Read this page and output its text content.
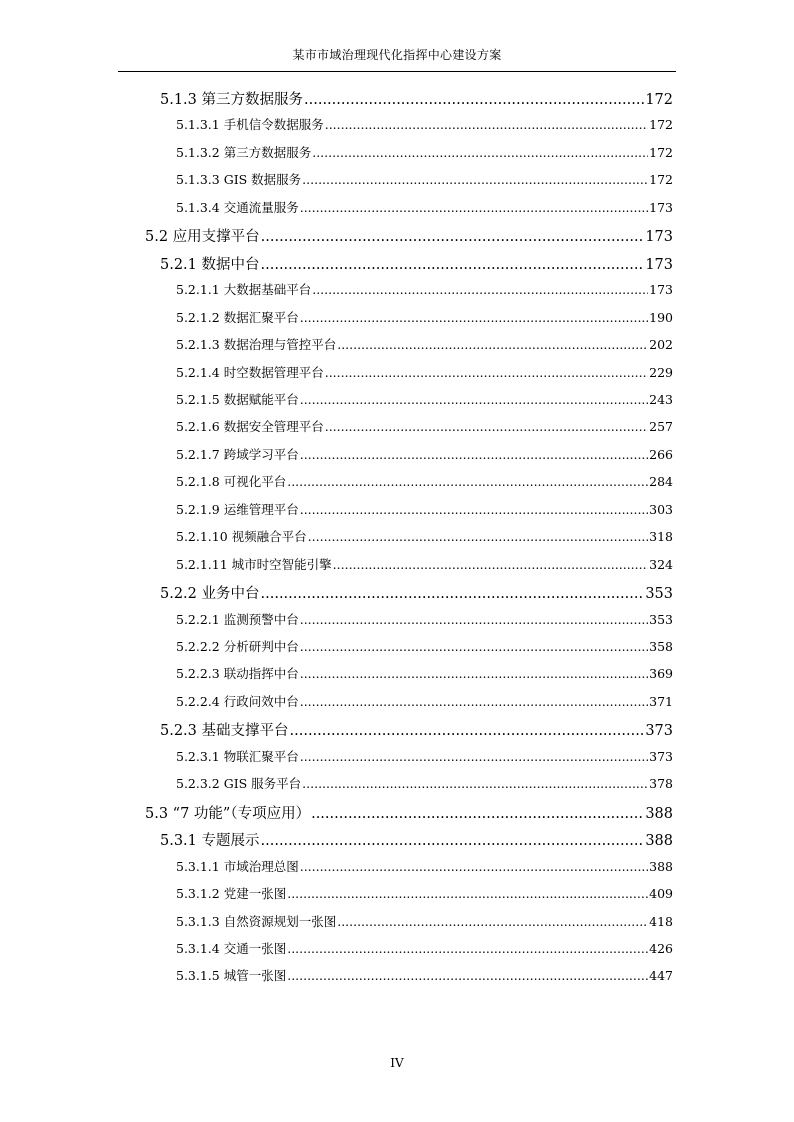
某市市域治理现代化指挥中心建设方案
5.1.3 第三方数据服务 .....	172
5.1.3.1 手机信令数据服务 .....	172
5.1.3.2 第三方数据服务 .....	172
5.1.3.3 GIS 数据服务 .....	172
5.1.3.4 交通流量服务 .....	173
5.2 应用支撑平台 .....	173
5.2.1 数据中台 .....	173
5.2.1.1 大数据基础平台 .....	173
5.2.1.2 数据汇聚平台 .....	190
5.2.1.3 数据治理与管控平台 .....	202
5.2.1.4 时空数据管理平台 .....	229
5.2.1.5 数据赋能平台 .....	243
5.2.1.6 数据安全管理平台 .....	257
5.2.1.7 跨域学习平台 .....	266
5.2.1.8 可视化平台 .....	284
5.2.1.9 运维管理平台 .....	303
5.2.1.10 视频融合平台 .....	318
5.2.1.11 城市时空智能引擎 .....	324
5.2.2 业务中台 .....	353
5.2.2.1 监测预警中台 .....	353
5.2.2.2 分析研判中台 .....	358
5.2.2.3 联动指挥中台 .....	369
5.2.2.4 行政问效中台 .....	371
5.2.3 基础支撑平台 .....	373
5.2.3.1 物联汇聚平台 .....	373
5.2.3.2 GIS 服务平台 .....	378
5.3 “7 功能”（专项应用） .....	388
5.3.1 专题展示 .....	388
5.3.1.1 市域治理总图 .....	388
5.3.1.2 党建一张图 .....	409
5.3.1.3 自然资源规划一张图 .....	418
5.3.1.4 交通一张图 .....	426
5.3.1.5 城管一张图 .....	447
IV
